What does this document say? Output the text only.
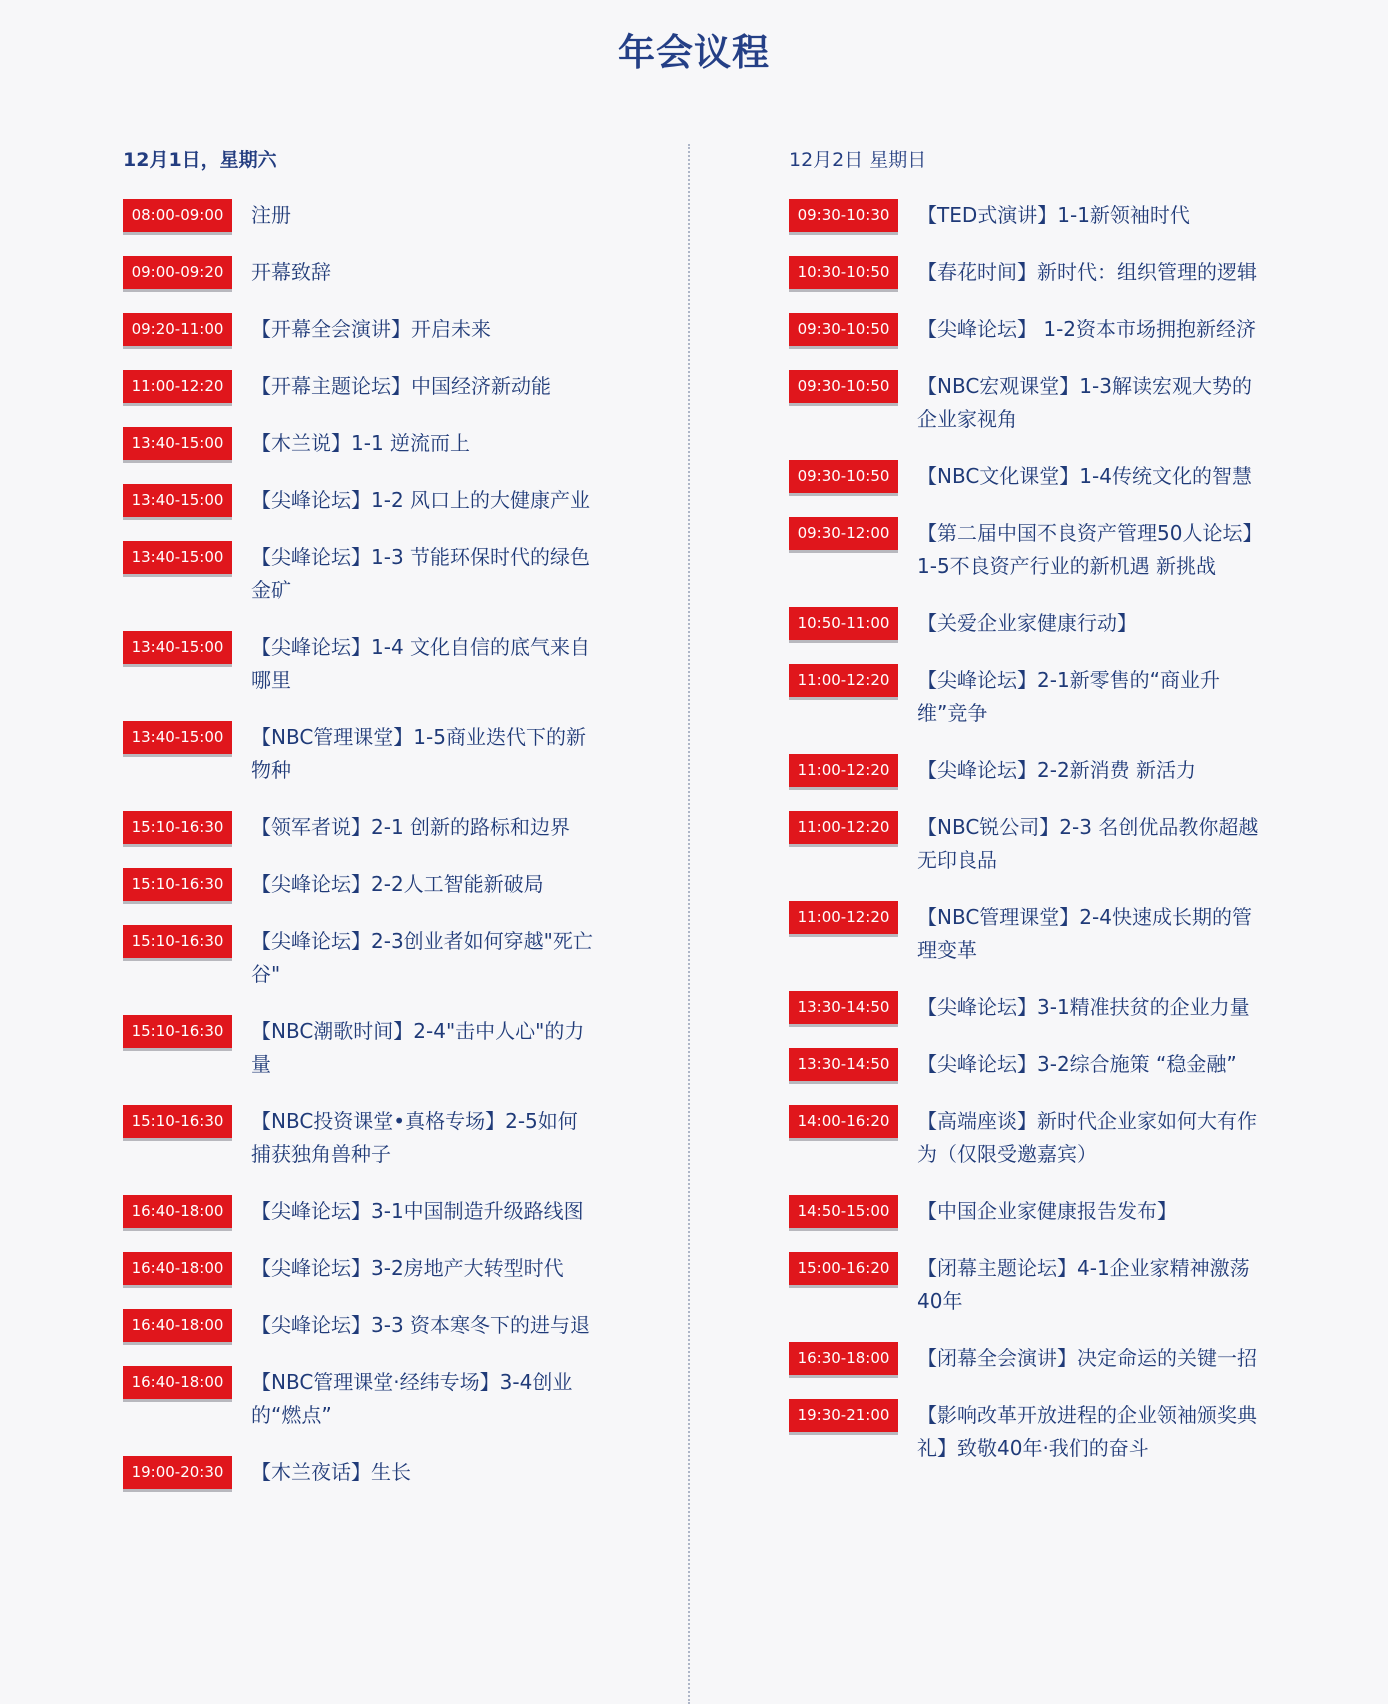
年会议程
12月1日，星期六
08:00-09:00	注册
09:00-09:20	开幕致辞
09:20-11:00	【开幕全会演讲】开启未来
11:00-12:20	【开幕主题论坛】中国经济新动能
13:40-15:00	【木兰说】1-1 逆流而上
13:40-15:00	【尖峰论坛】1-2 风口上的大健康产业
13:40-15:00	【尖峰论坛】1-3 节能环保时代的绿色金矿
13:40-15:00	【尖峰论坛】1-4 文化自信的底气来自哪里
13:40-15:00	【NBC管理课堂】1-5商业迭代下的新物种
15:10-16:30	【领军者说】2-1 创新的路标和边界
15:10-16:30	【尖峰论坛】2-2人工智能新破局
15:10-16:30	【尖峰论坛】2-3创业者如何穿越"死亡谷"
15:10-16:30	【NBC潮歌时间】2-4"击中人心"的力量
15:10-16:30	【NBC投资课堂•真格专场】2-5如何捕获独角兽种子
16:40-18:00	【尖峰论坛】3-1中国制造升级路线图
16:40-18:00	【尖峰论坛】3-2房地产大转型时代
16:40-18:00	【尖峰论坛】3-3 资本寒冬下的进与退
16:40-18:00	【NBC管理课堂·经纬专场】3-4创业的“燃点”
19:00-20:30	【木兰夜话】生长
12月2日 星期日
09:30-10:30	【TED式演讲】1-1新领袖时代
10:30-10:50	【春花时间】新时代：组织管理的逻辑
09:30-10:50	【尖峰论坛】 1-2资本市场拥抱新经济
09:30-10:50	【NBC宏观课堂】1-3解读宏观大势的企业家视角
09:30-10:50	【NBC文化课堂】1-4传统文化的智慧
09:30-12:00	【第二届中国不良资产管理50人论坛】1-5不良资产行业的新机遇 新挑战
10:50-11:00	【关爱企业家健康行动】
11:00-12:20	【尖峰论坛】2-1新零售的“商业升维”竞争
11:00-12:20	【尖峰论坛】2-2新消费 新活力
11:00-12:20	【NBC锐公司】2-3 名创优品教你超越无印良品
11:00-12:20	【NBC管理课堂】2-4快速成长期的管理变革
13:30-14:50	【尖峰论坛】3-1精准扶贫的企业力量
13:30-14:50	【尖峰论坛】3-2综合施策 “稳金融”
14:00-16:20	【高端座谈】新时代企业家如何大有作为（仅限受邀嘉宾）
14:50-15:00	【中国企业家健康报告发布】
15:00-16:20	【闭幕主题论坛】4-1企业家精神激荡40年
16:30-18:00	【闭幕全会演讲】决定命运的关键一招
19:30-21:00	【影响改革开放进程的企业领袖颁奖典礼】致敬40年·我们的奋斗
